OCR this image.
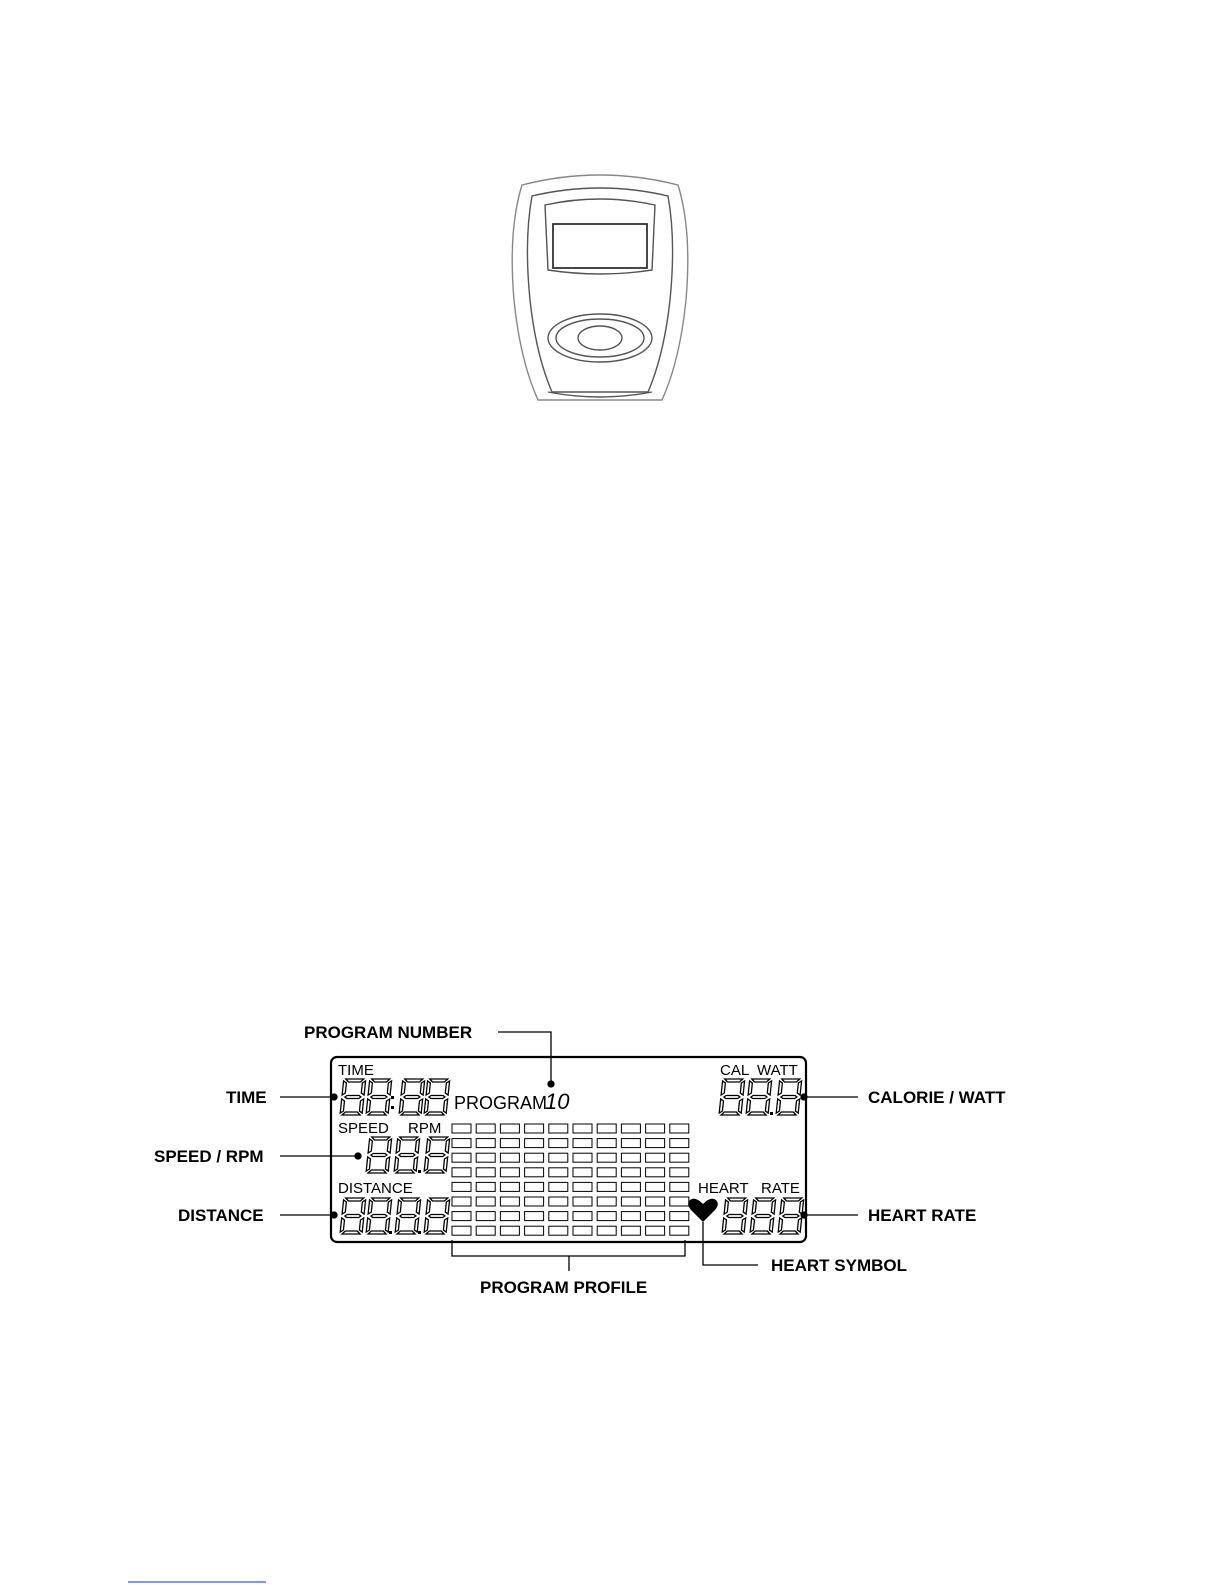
TIME
PROGRAM
10
CAL WATT
SPEED RPM
DISTANCE	HEART RATE
PROGRAM NUMBER
TIME
SPEED / RPM
DISTANCE
CALORIE / WATT
HEART RATE
HEART SYMBOL
PROGRAM PROFILE
